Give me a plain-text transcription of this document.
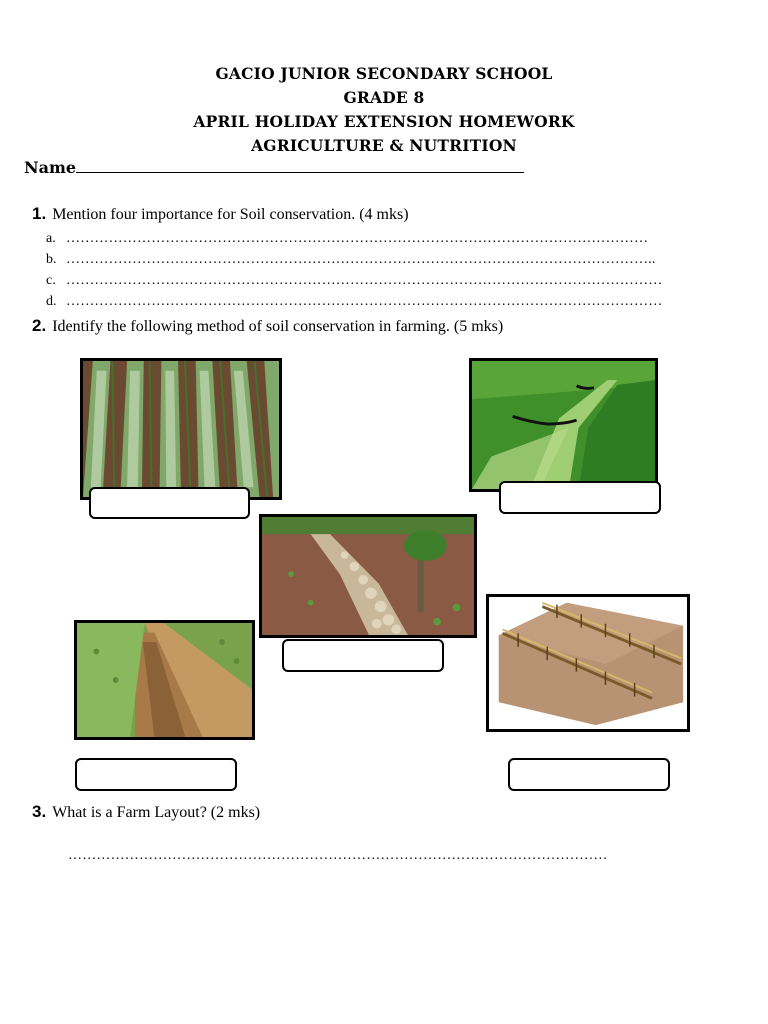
GACIO JUNIOR SECONDARY SCHOOL
GRADE 8
APRIL HOLIDAY EXTENSION HOMEWORK
AGRICULTURE & NUTRITION
Name
1. Mention four importance for Soil conservation. (4 mks)
a. ……………………………………………………………………………………………………………
b. ……………………………………………………………………………………………………………..
c. ………………………………………………………………………………………………………………
d. ………………………………………………………………………………………………………………
2. Identify the following method of soil conservation in farming. (5 mks)
3. What is a Farm Layout? (2 mks)
……………………………………………………………………………………………………
